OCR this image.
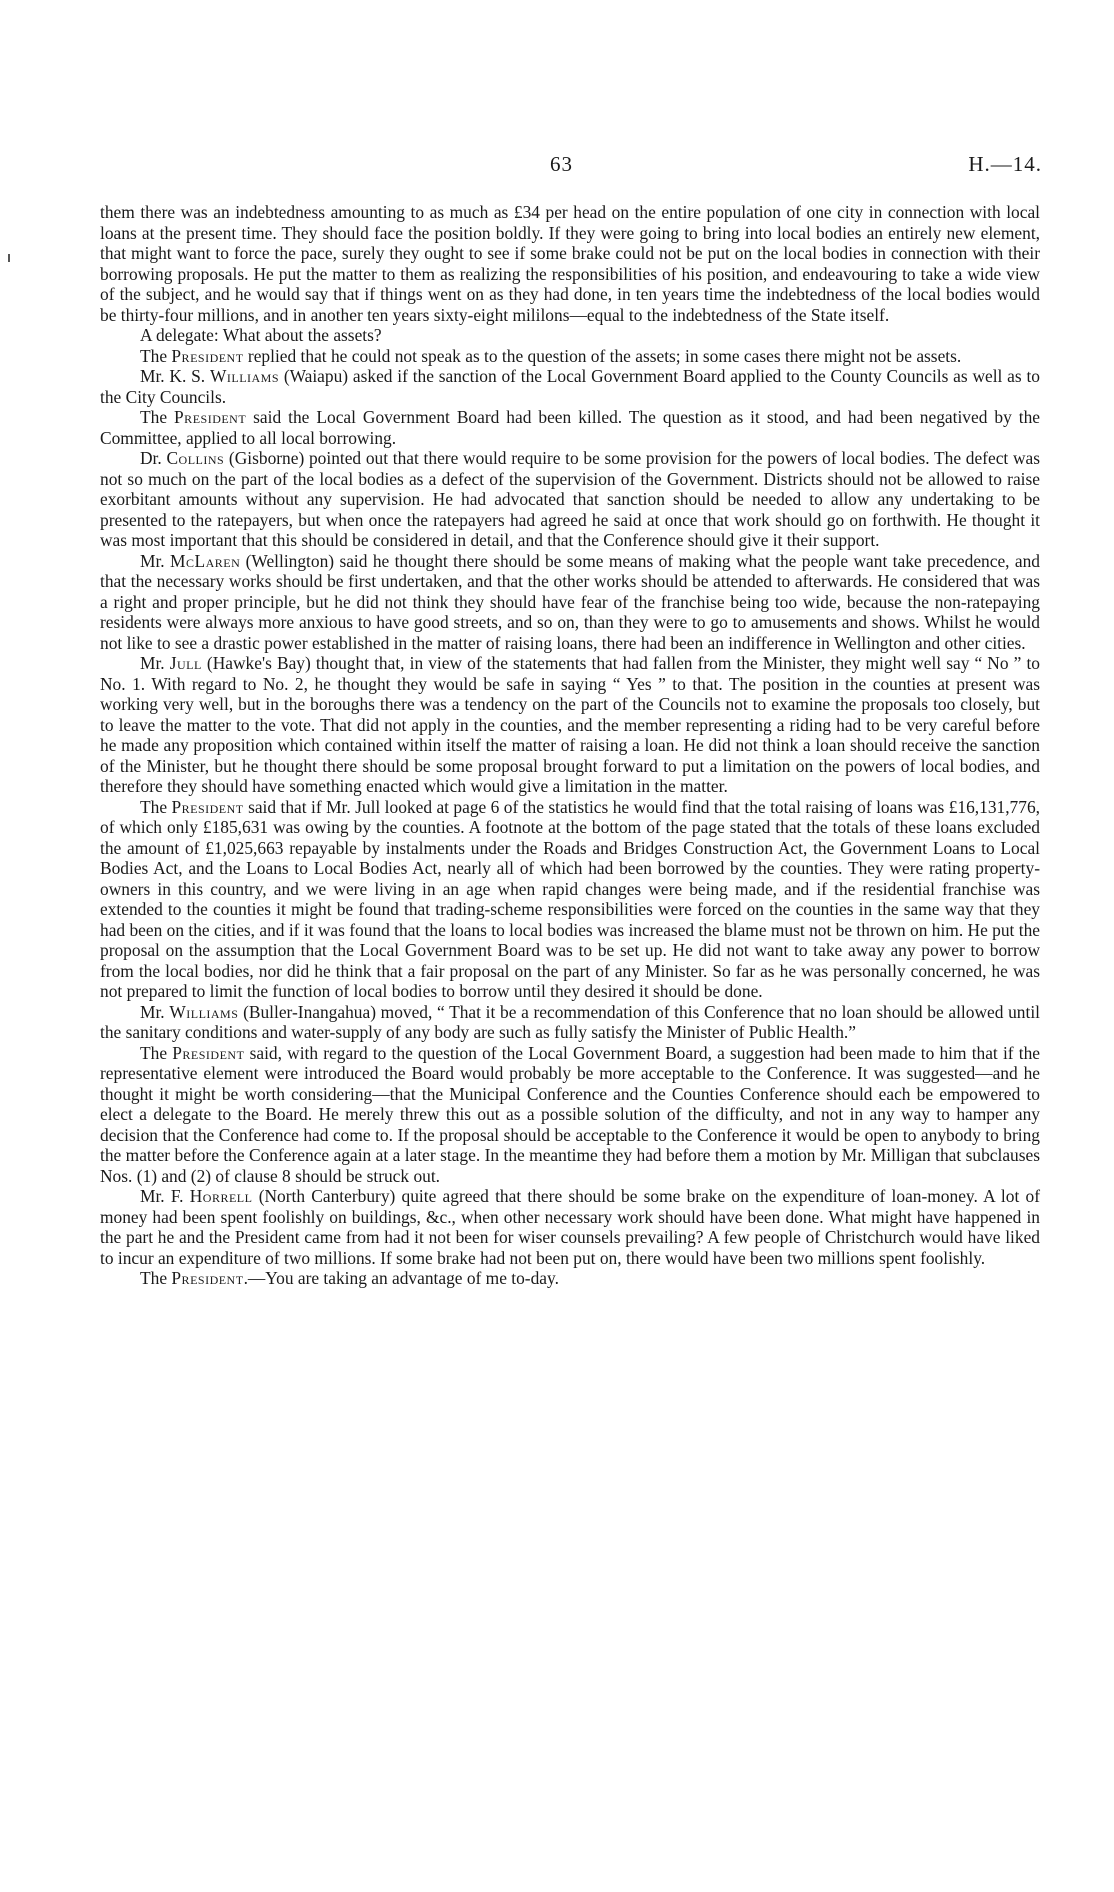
63	H.—14.

them there was an indebtedness amounting to as much as £34 per head on the entire population of one city in connection with local loans at the present time. They should face the position boldly. If they were going to bring into local bodies an entirely new element, that might want to force the pace, surely they ought to see if some brake could not be put on the local bodies in connection with their borrowing proposals. He put the matter to them as realizing the responsibilities of his position, and endeavouring to take a wide view of the subject, and he would say that if things went on as they had done, in ten years time the indebtedness of the local bodies would be thirty-four millions, and in another ten years sixty-eight mililons—equal to the indebtedness of the State itself.

A delegate: What about the assets?

The President replied that he could not speak as to the question of the assets; in some cases there might not be assets.

Mr. K. S. Williams (Waiapu) asked if the sanction of the Local Government Board applied to the County Councils as well as to the City Councils.

The President said the Local Government Board had been killed. The question as it stood, and had been negatived by the Committee, applied to all local borrowing.

Dr. Collins (Gisborne) pointed out that there would require to be some provision for the powers of local bodies. The defect was not so much on the part of the local bodies as a defect of the supervision of the Government. Districts should not be allowed to raise exorbitant amounts without any supervision. He had advocated that sanction should be needed to allow any undertaking to be presented to the ratepayers, but when once the ratepayers had agreed he said at once that work should go on forthwith. He thought it was most important that this should be considered in detail, and that the Conference should give it their support.

Mr. McLaren (Wellington) said he thought there should be some means of making what the people want take precedence, and that the necessary works should be first undertaken, and that the other works should be attended to afterwards. He considered that was a right and proper principle, but he did not think they should have fear of the franchise being too wide, because the non-ratepaying residents were always more anxious to have good streets, and so on, than they were to go to amusements and shows. Whilst he would not like to see a drastic power established in the matter of raising loans, there had been an indifference in Wellington and other cities.

Mr. Jull (Hawke's Bay) thought that, in view of the statements that had fallen from the Minister, they might well say “ No ” to No. 1. With regard to No. 2, he thought they would be safe in saying “ Yes ” to that. The position in the counties at present was working very well, but in the boroughs there was a tendency on the part of the Councils not to examine the proposals too closely, but to leave the matter to the vote. That did not apply in the counties, and the member representing a riding had to be very careful before he made any proposition which contained within itself the matter of raising a loan. He did not think a loan should receive the sanction of the Minister, but he thought there should be some proposal brought forward to put a limitation on the powers of local bodies, and therefore they should have something enacted which would give a limitation in the matter.

The President said that if Mr. Jull looked at page 6 of the statistics he would find that the total raising of loans was £16,131,776, of which only £185,631 was owing by the counties. A footnote at the bottom of the page stated that the totals of these loans excluded the amount of £1,025,663 repayable by instalments under the Roads and Bridges Construction Act, the Government Loans to Local Bodies Act, and the Loans to Local Bodies Act, nearly all of which had been borrowed by the counties. They were rating property-owners in this country, and we were living in an age when rapid changes were being made, and if the residential franchise was extended to the counties it might be found that trading-scheme responsibilities were forced on the counties in the same way that they had been on the cities, and if it was found that the loans to local bodies was increased the blame must not be thrown on him. He put the proposal on the assumption that the Local Government Board was to be set up. He did not want to take away any power to borrow from the local bodies, nor did he think that a fair proposal on the part of any Minister. So far as he was personally concerned, he was not prepared to limit the function of local bodies to borrow until they desired it should be done.

Mr. Williams (Buller-Inangahua) moved, “ That it be a recommendation of this Conference that no loan should be allowed until the sanitary conditions and water-supply of any body are such as fully satisfy the Minister of Public Health.”

The President said, with regard to the question of the Local Government Board, a suggestion had been made to him that if the representative element were introduced the Board would probably be more acceptable to the Conference. It was suggested—and he thought it might be worth considering—that the Municipal Conference and the Counties Conference should each be empowered to elect a delegate to the Board. He merely threw this out as a possible solution of the difficulty, and not in any way to hamper any decision that the Conference had come to. If the proposal should be acceptable to the Conference it would be open to anybody to bring the matter before the Conference again at a later stage. In the meantime they had before them a motion by Mr. Milligan that subclauses Nos. (1) and (2) of clause 8 should be struck out.

Mr. F. Horrell (North Canterbury) quite agreed that there should be some brake on the expenditure of loan-money. A lot of money had been spent foolishly on buildings, &c., when other necessary work should have been done. What might have happened in the part he and the President came from had it not been for wiser counsels prevailing? A few people of Christchurch would have liked to incur an expenditure of two millions. If some brake had not been put on, there would have been two millions spent foolishly.

The President.—You are taking an advantage of me to-day.
